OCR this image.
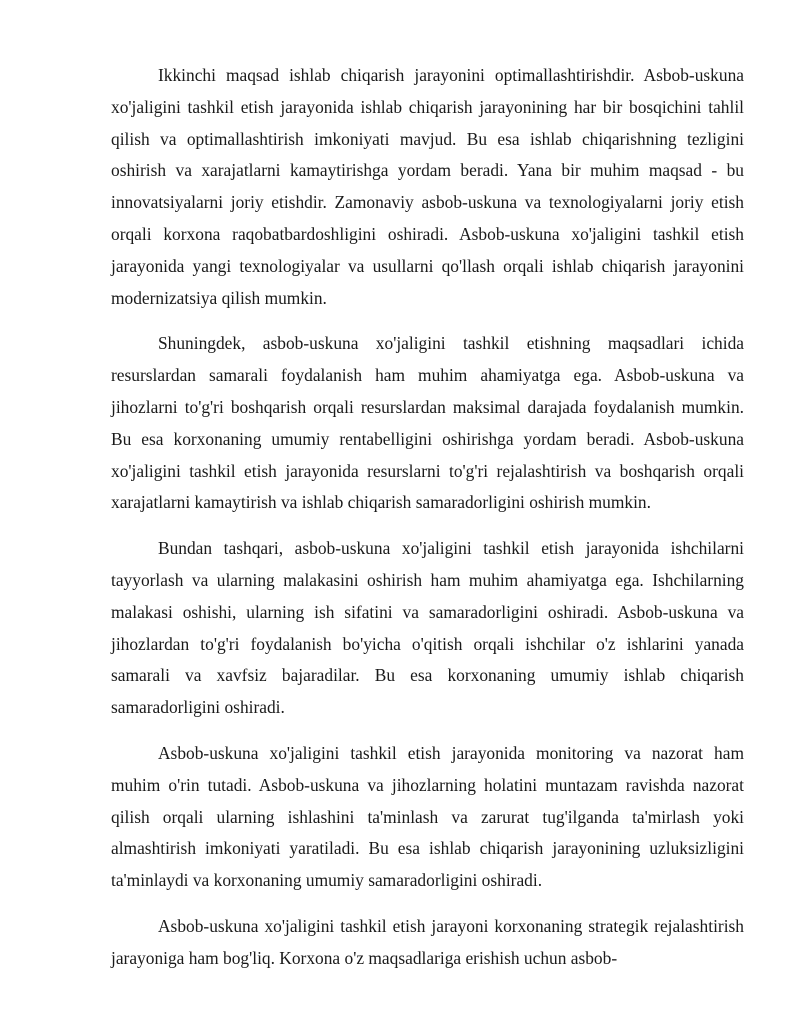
Ikkinchi maqsad ishlab chiqarish jarayonini optimallashtirishdir. Asbob-uskuna xo'jaligini tashkil etish jarayonida ishlab chiqarish jarayonining har bir bosqichini tahlil qilish va optimallashtirish imkoniyati mavjud. Bu esa ishlab chiqarishning tezligini oshirish va xarajatlarni kamaytirishga yordam beradi. Yana bir muhim maqsad - bu innovatsiyalarni joriy etishdir. Zamonaviy asbob-uskuna va texnologiyalarni joriy etish orqali korxona raqobatbardoshligini oshiradi. Asbob-uskuna xo'jaligini tashkil etish jarayonida yangi texnologiyalar va usullarni qo'llash orqali ishlab chiqarish jarayonini modernizatsiya qilish mumkin.

Shuningdek, asbob-uskuna xo'jaligini tashkil etishning maqsadlari ichida resurslardan samarali foydalanish ham muhim ahamiyatga ega. Asbob-uskuna va jihozlarni to'g'ri boshqarish orqali resurslardan maksimal darajada foydalanish mumkin. Bu esa korxonaning umumiy rentabelligini oshirishga yordam beradi. Asbob-uskuna xo'jaligini tashkil etish jarayonida resurslarni to'g'ri rejalashtirish va boshqarish orqali xarajatlarni kamaytirish va ishlab chiqarish samaradorligini oshirish mumkin.

Bundan tashqari, asbob-uskuna xo'jaligini tashkil etish jarayonida ishchilarni tayyorlash va ularning malakasini oshirish ham muhim ahamiyatga ega. Ishchilarning malakasi oshishi, ularning ish sifatini va samaradorligini oshiradi. Asbob-uskuna va jihozlardan to'g'ri foydalanish bo'yicha o'qitish orqali ishchilar o'z ishlarini yanada samarali va xavfsiz bajaradilar. Bu esa korxonaning umumiy ishlab chiqarish samaradorligini oshiradi.

Asbob-uskuna xo'jaligini tashkil etish jarayonida monitoring va nazorat ham muhim o'rin tutadi. Asbob-uskuna va jihozlarning holatini muntazam ravishda nazorat qilish orqali ularning ishlashini ta'minlash va zarurat tug'ilganda ta'mirlash yoki almashtirish imkoniyati yaratiladi. Bu esa ishlab chiqarish jarayonining uzluksizligini ta'minlaydi va korxonaning umumiy samaradorligini oshiradi.

Asbob-uskuna xo'jaligini tashkil etish jarayoni korxonaning strategik rejalashtirish jarayoniga ham bog'liq. Korxona o'z maqsadlariga erishish uchun asbob-
